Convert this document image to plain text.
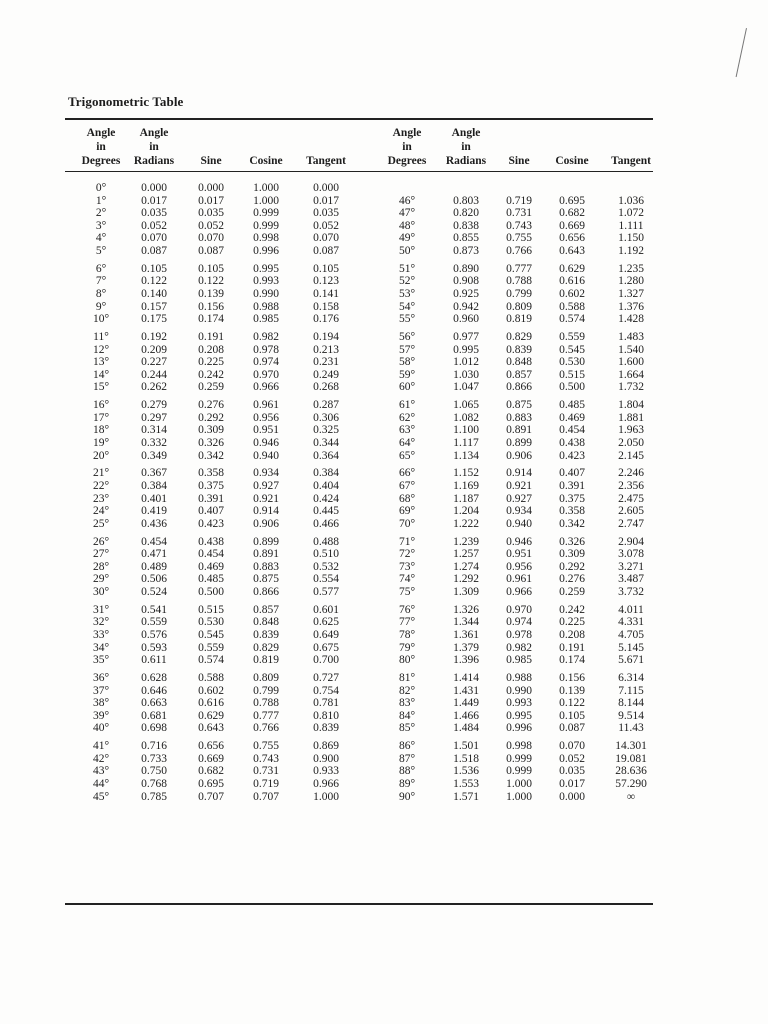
Trigonometric Table
Angle
in
Degrees
Angle
in
Radians	Sine	Cosine	Tangent
Angle
in
Degrees
Angle
in
Radians	Sine	Cosine	Tangent
0°	0.000	0.000	1.000	0.000
1°	0.017	0.017	1.000	0.017
2°	0.035	0.035	0.999	0.035
3°	0.052	0.052	0.999	0.052
4°	0.070	0.070	0.998	0.070
5°	0.087	0.087	0.996	0.087
6°	0.105	0.105	0.995	0.105
7°	0.122	0.122	0.993	0.123
8°	0.140	0.139	0.990	0.141
9°	0.157	0.156	0.988	0.158
10°	0.175	0.174	0.985	0.176
11°	0.192	0.191	0.982	0.194
12°	0.209	0.208	0.978	0.213
13°	0.227	0.225	0.974	0.231
14°	0.244	0.242	0.970	0.249
15°	0.262	0.259	0.966	0.268
16°	0.279	0.276	0.961	0.287
17°	0.297	0.292	0.956	0.306
18°	0.314	0.309	0.951	0.325
19°	0.332	0.326	0.946	0.344
20°	0.349	0.342	0.940	0.364
21°	0.367	0.358	0.934	0.384
22°	0.384	0.375	0.927	0.404
23°	0.401	0.391	0.921	0.424
24°	0.419	0.407	0.914	0.445
25°	0.436	0.423	0.906	0.466
26°	0.454	0.438	0.899	0.488
27°	0.471	0.454	0.891	0.510
28°	0.489	0.469	0.883	0.532
29°	0.506	0.485	0.875	0.554
30°	0.524	0.500	0.866	0.577
31°	0.541	0.515	0.857	0.601
32°	0.559	0.530	0.848	0.625
33°	0.576	0.545	0.839	0.649
34°	0.593	0.559	0.829	0.675
35°	0.611	0.574	0.819	0.700
36°	0.628	0.588	0.809	0.727
37°	0.646	0.602	0.799	0.754
38°	0.663	0.616	0.788	0.781
39°	0.681	0.629	0.777	0.810
40°	0.698	0.643	0.766	0.839
41°	0.716	0.656	0.755	0.869
42°	0.733	0.669	0.743	0.900
43°	0.750	0.682	0.731	0.933
44°	0.768	0.695	0.719	0.966
45°	0.785	0.707	0.707	1.000
46°	0.803	0.719	0.695	1.036
47°	0.820	0.731	0.682	1.072
48°	0.838	0.743	0.669	1.111
49°	0.855	0.755	0.656	1.150
50°	0.873	0.766	0.643	1.192
51°	0.890	0.777	0.629	1.235
52°	0.908	0.788	0.616	1.280
53°	0.925	0.799	0.602	1.327
54°	0.942	0.809	0.588	1.376
55°	0.960	0.819	0.574	1.428
56°	0.977	0.829	0.559	1.483
57°	0.995	0.839	0.545	1.540
58°	1.012	0.848	0.530	1.600
59°	1.030	0.857	0.515	1.664
60°	1.047	0.866	0.500	1.732
61°	1.065	0.875	0.485	1.804
62°	1.082	0.883	0.469	1.881
63°	1.100	0.891	0.454	1.963
64°	1.117	0.899	0.438	2.050
65°	1.134	0.906	0.423	2.145
66°	1.152	0.914	0.407	2.246
67°	1.169	0.921	0.391	2.356
68°	1.187	0.927	0.375	2.475
69°	1.204	0.934	0.358	2.605
70°	1.222	0.940	0.342	2.747
71°	1.239	0.946	0.326	2.904
72°	1.257	0.951	0.309	3.078
73°	1.274	0.956	0.292	3.271
74°	1.292	0.961	0.276	3.487
75°	1.309	0.966	0.259	3.732
76°	1.326	0.970	0.242	4.011
77°	1.344	0.974	0.225	4.331
78°	1.361	0.978	0.208	4.705
79°	1.379	0.982	0.191	5.145
80°	1.396	0.985	0.174	5.671
81°	1.414	0.988	0.156	6.314
82°	1.431	0.990	0.139	7.115
83°	1.449	0.993	0.122	8.144
84°	1.466	0.995	0.105	9.514
85°	1.484	0.996	0.087	11.43
86°	1.501	0.998	0.070	14.301
87°	1.518	0.999	0.052	19.081
88°	1.536	0.999	0.035	28.636
89°	1.553	1.000	0.017	57.290
90°	1.571	1.000	0.000	∞
